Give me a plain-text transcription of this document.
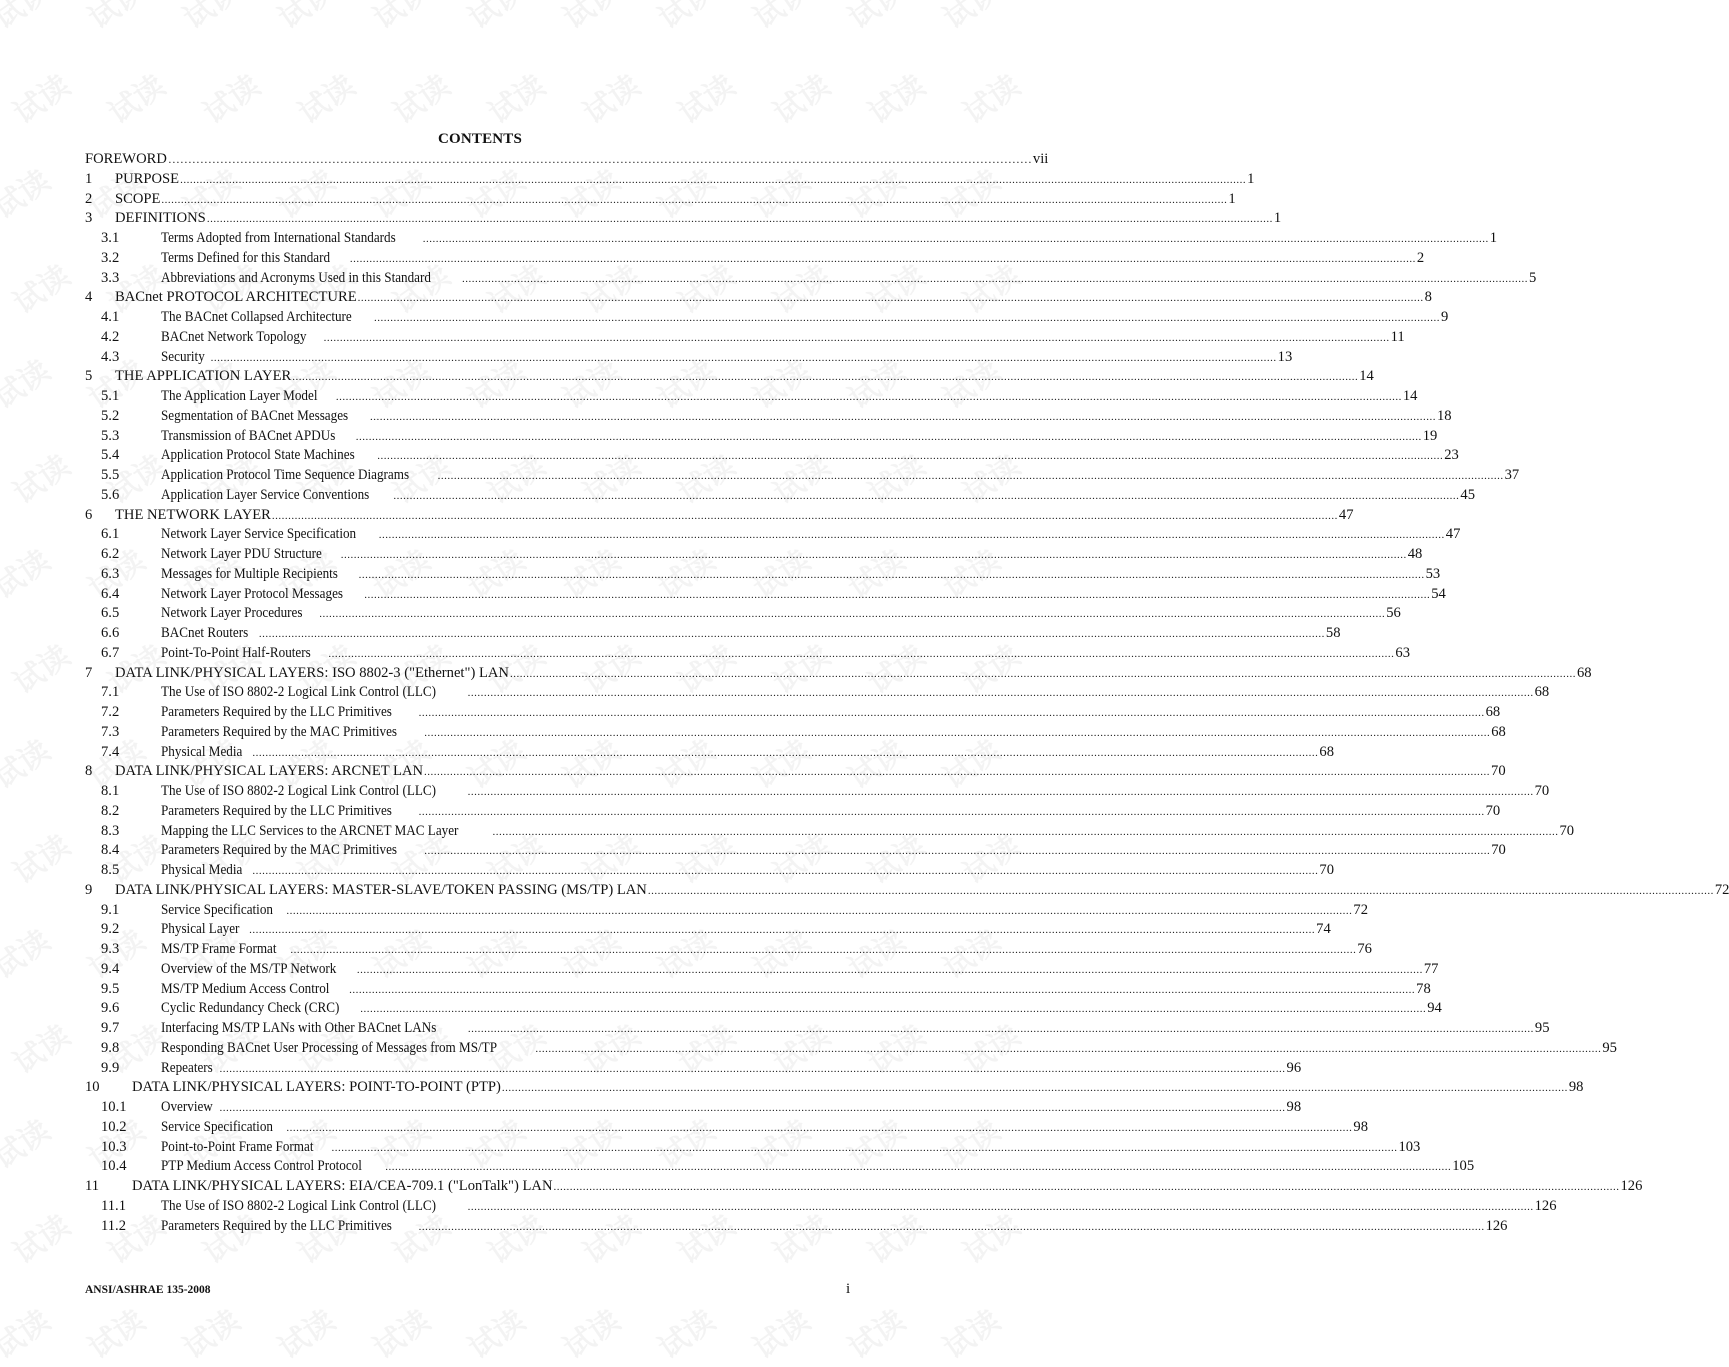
CONTENTS
FOREWORD ………………………………………………………………………………………………………………………………………………………………………………………………	vii
1	PURPOSE .....	1
2	SCOPE .....	1
3	DEFINITIONS .....	1
3.1	Terms Adopted from International Standards .....	1
3.2	Terms Defined for this Standard .....	2
3.3	Abbreviations and Acronyms Used in this Standard .....	5
4	BACnet PROTOCOL ARCHITECTURE .....	8
4.1	The BACnet Collapsed Architecture .....	9
4.2	BACnet Network Topology .....	11
4.3	Security .....	13
5	THE APPLICATION LAYER .....	14
5.1	The Application Layer Model .....	14
5.2	Segmentation of BACnet Messages .....	18
5.3	Transmission of BACnet APDUs .....	19
5.4	Application Protocol State Machines .....	23
5.5	Application Protocol Time Sequence Diagrams .....	37
5.6	Application Layer Service Conventions .....	45
6	THE NETWORK LAYER .....	47
6.1	Network Layer Service Specification .....	47
6.2	Network Layer PDU Structure .....	48
6.3	Messages for Multiple Recipients .....	53
6.4	Network Layer Protocol Messages .....	54
6.5	Network Layer Procedures .....	56
6.6	BACnet Routers .....	58
6.7	Point-To-Point Half-Routers .....	63
7	DATA LINK/PHYSICAL LAYERS: ISO 8802-3 ("Ethernet") LAN .....	68
7.1	The Use of ISO 8802-2 Logical Link Control (LLC) .....	68
7.2	Parameters Required by the LLC Primitives .....	68
7.3	Parameters Required by the MAC Primitives .....	68
7.4	Physical Media .....	68
8	DATA LINK/PHYSICAL LAYERS: ARCNET LAN .....	70
8.1	The Use of ISO 8802-2 Logical Link Control (LLC) .....	70
8.2	Parameters Required by the LLC Primitives .....	70
8.3	Mapping the LLC Services to the ARCNET MAC Layer .....	70
8.4	Parameters Required by the MAC Primitives .....	70
8.5	Physical Media .....	70
9	DATA LINK/PHYSICAL LAYERS: MASTER-SLAVE/TOKEN PASSING (MS/TP) LAN .....	72
9.1	Service Specification .....	72
9.2	Physical Layer .....	74
9.3	MS/TP Frame Format .....	76
9.4	Overview of the MS/TP Network .....	77
9.5	MS/TP Medium Access Control .....	78
9.6	Cyclic Redundancy Check (CRC) .....	94
9.7	Interfacing MS/TP LANs with Other BACnet LANs .....	95
9.8	Responding BACnet User Processing of Messages from MS/TP .....	95
9.9	Repeaters .....	96
10	DATA LINK/PHYSICAL LAYERS: POINT-TO-POINT (PTP) .....	98
10.1	Overview .....	98
10.2	Service Specification .....	98
10.3	Point-to-Point Frame Format .....	103
10.4	PTP Medium Access Control Protocol .....	105
11	DATA LINK/PHYSICAL LAYERS: EIA/CEA-709.1 ("LonTalk") LAN .....	126
11.1	The Use of ISO 8802-2 Logical Link Control (LLC) .....	126
11.2	Parameters Required by the LLC Primitives .....	126
ANSI/ASHRAE 135-2008	i
